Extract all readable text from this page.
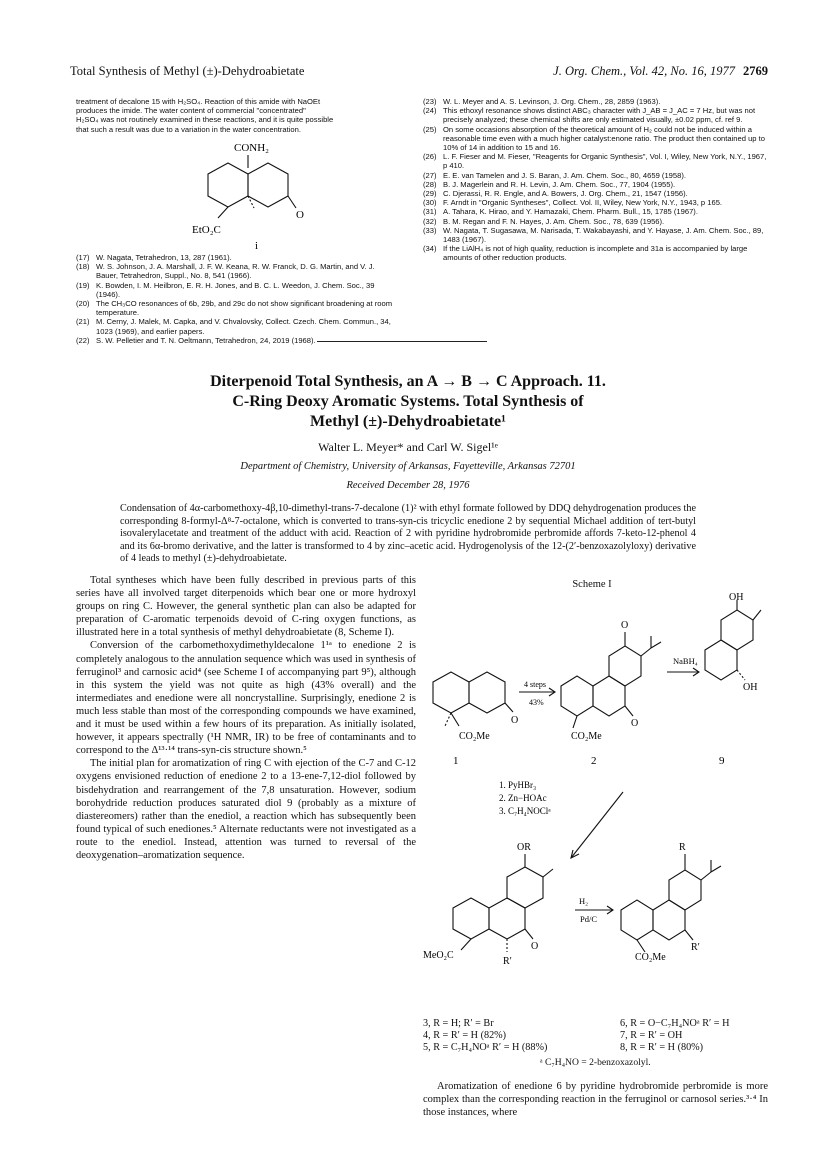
Total Synthesis of Methyl (±)-Dehydroabietate	J. Org. Chem., Vol. 42, No. 16, 1977 2769
treatment of decalone 15 with H₂SO₄. Reaction of this amide with NaOEt
produces the imide. The water content of commercial "concentrated"
H₂SO₄ was not routinely examined in these reactions, and it is quite possible
that such a result was due to a variation in the water concentration.
CONH₂
O
EtO₂C
i
(17) W. Nagata, Tetrahedron, 13, 287 (1961).
(18) W. S. Johnson, J. A. Marshall, J. F. W. Keana, R. W. Franck, D. G. Martin, and V. J. Bauer, Tetrahedron, Suppl., No. 8, 541 (1966).
(19) K. Bowden, I. M. Heilbron, E. R. H. Jones, and B. C. L. Weedon, J. Chem. Soc., 39 (1946).
(20) The CH₃CO resonances of 6b, 29b, and 29c do not show significant broadening at room temperature.
(21) M. Cerny, J. Malek, M. Capka, and V. Chvalovsky, Collect. Czech. Chem. Commun., 34, 1023 (1969), and earlier papers.
(22) S. W. Pelletier and T. N. Oeltmann, Tetrahedron, 24, 2019 (1968).
(23) W. L. Meyer and A. S. Levinson, J. Org. Chem., 28, 2859 (1963).
(24) This ethoxyl resonance shows distinct ABC₃ character with J_AB = J_AC = 7 Hz, but was not precisely analyzed; these chemical shifts are only estimated visually, ±0.02 ppm, cf. ref 9.
(25) On some occasions absorption of the theoretical amount of H₂ could not be induced within a reasonable time even with a much higher catalyst:enone ratio. The product then contained up to 10% of 14 in addition to 15 and 16.
(26) L. F. Fieser and M. Fieser, "Reagents for Organic Synthesis", Vol. I, Wiley, New York, N.Y., 1967, p 410.
(27) E. E. van Tamelen and J. S. Baran, J. Am. Chem. Soc., 80, 4659 (1958).
(28) B. J. Magerlein and R. H. Levin, J. Am. Chem. Soc., 77, 1904 (1955).
(29) C. Djerassi, R. R. Engle, and A. Bowers, J. Org. Chem., 21, 1547 (1956).
(30) F. Arndt in "Organic Syntheses", Collect. Vol. II, Wiley, New York, N.Y., 1943, p 165.
(31) A. Tahara, K. Hirao, and Y. Hamazaki, Chem. Pharm. Bull., 15, 1785 (1967).
(32) B. M. Regan and F. N. Hayes, J. Am. Chem. Soc., 78, 639 (1956).
(33) W. Nagata, T. Sugasawa, M. Narisada, T. Wakabayashi, and Y. Hayase, J. Am. Chem. Soc., 89, 1483 (1967).
(34) If the LiAlH₄ is not of high quality, reduction is incomplete and 31a is accompanied by large amounts of other reduction products.
Diterpenoid Total Synthesis, an A → B → C Approach. 11.
C-Ring Deoxy Aromatic Systems. Total Synthesis of
Methyl (±)-Dehydroabietate¹
Walter L. Meyer* and Carl W. Sigel¹ᵉ
Department of Chemistry, University of Arkansas, Fayetteville, Arkansas 72701
Received December 28, 1976
Condensation of 4α-carbomethoxy-4β,10-dimethyl-trans-7-decalone (1)² with ethyl formate followed by DDQ dehydrogenation produces the corresponding 8-formyl-Δ⁸-7-octalone, which is converted to trans-syn-cis tricyclic enedione 2 by sequential Michael addition of tert-butyl isovalerylacetate and treatment of the adduct with acid. Reaction of 2 with pyridine hydrobromide perbromide affords 7-keto-12-phenol 4 and its 6α-bromo derivative, and the latter is transformed to 4 by zinc–acetic acid. Hydrogenolysis of the 12-(2′-benzoxazolyloxy) derivative of 4 leads to methyl (±)-dehydroabietate.

Total syntheses which have been fully described in previous parts of this series have all involved target diterpenoids which bear one or more hydroxyl groups on ring C. However, the general synthetic plan can also be adapted for preparation of C-aromatic terpenoids devoid of C-ring oxygen functions, as illustrated here in a total synthesis of methyl dehydroabietate (8, Scheme I).

Conversion of the carbomethoxydimethyldecalone 1¹ᵃ to enedione 2 is completely analogous to the annulation sequence which was used in synthesis of ferruginol³ and carnosic acid⁴ (see Scheme I of accompanying part 9⁵), although in this system the yield was not quite as high (43% overall) and the intermediates and enedione were all noncrystalline. Surprisingly, enedione 2 is much less stable than most of the corresponding compounds we have examined, and it must be used within a few hours of its preparation. As initially isolated, however, it appears spectrally (¹H NMR, IR) to be free of contaminants and to correspond to the Δ¹³·¹⁴ trans-syn-cis structure shown.⁵

The initial plan for aromatization of ring C with ejection of the C-7 and C-12 oxygens envisioned reduction of enedione 2 to a 13-ene-7,12-diol followed by bisdehydration and rearrangement of the 7,8 unsaturation. However, sodium borohydride reduction produces saturated diol 9 (probably as a mixture of diastereomers) rather than the enediol, a reaction which has subsequently been found typical of such enediones.⁵ Alternate reductants were not investigated as a route to the enediol. Instead, attention was turned to reversal of the deoxygenation–aromatization sequence.

Aromatization of enedione 6 by pyridine hydrobromide perbromide is more complex than the corresponding reaction in the ferruginol or carnosol series.³·⁴ In those instances, where

Scheme I
CO₂Me
1
O
4 steps
43%
O
O
CO₂Me
2
NaBH₄
OH
OH
9
1. PyHBr₃
2. Zn−HOAc
3. C₇H₄NOClᵃ
OR
O
MeO₂C
R′
R
H₂
Pd/C
R′
CO₂Me
3, R = H; R′ = Br
4, R = R′ = H (82%)
5, R = C₇H₄NOᵃ R′ = H (88%)
6, R = O−C₇H₄NOᵃ R′ = H
7, R = R′ = OH
8, R = R′ = H (80%)
ᵃ C₇H₄NO = 2-benzoxazolyl.
